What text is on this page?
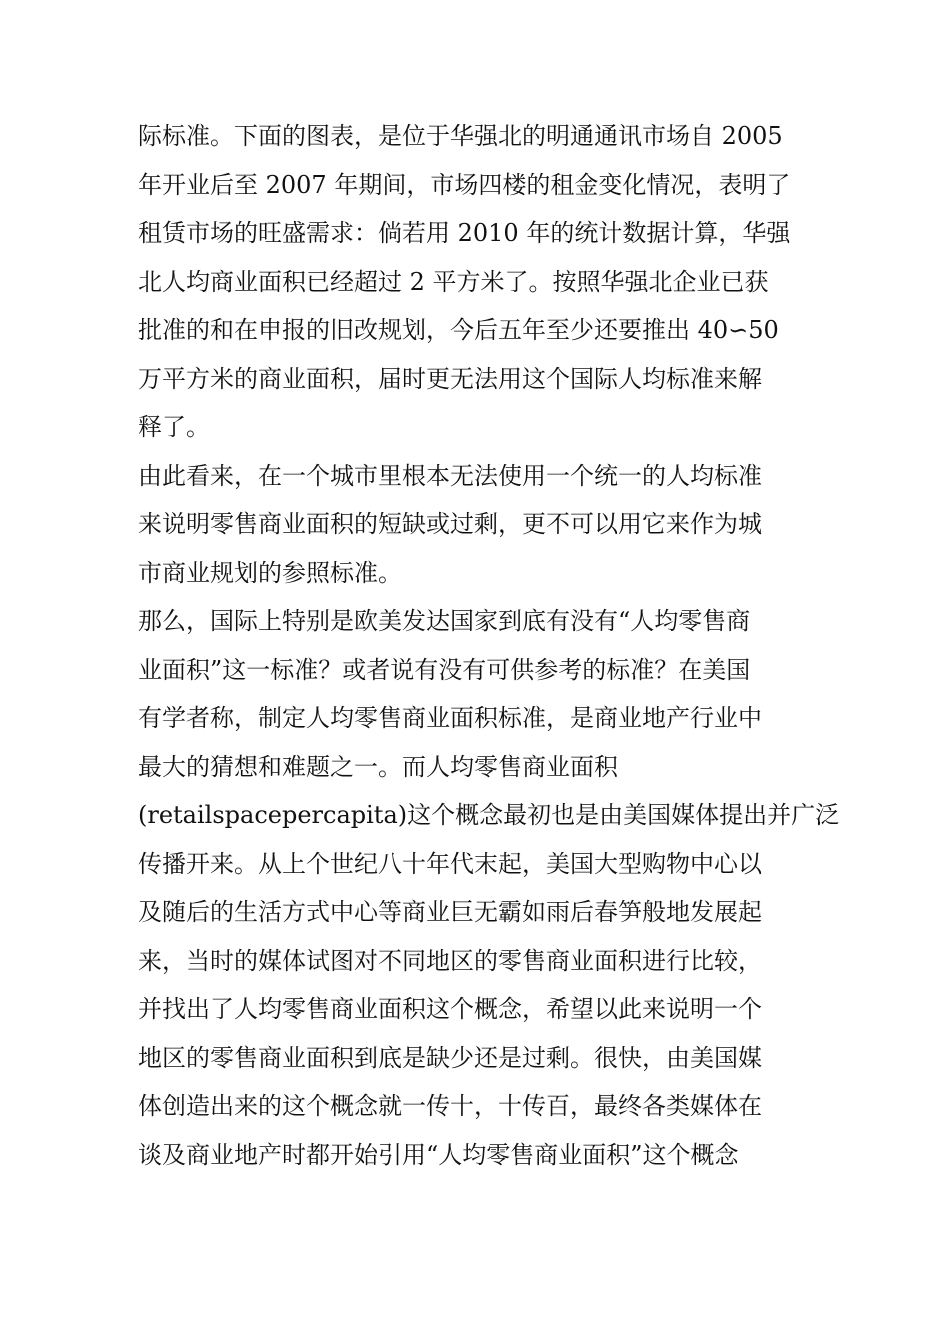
际标准。下面的图表，是位于华强北的明通通讯市场自 2005
年开业后至 2007 年期间，市场四楼的租金变化情况，表明了
租赁市场的旺盛需求：倘若用 2010 年的统计数据计算，华强
北人均商业面积已经超过 2 平方米了。按照华强北企业已获
批准的和在申报的旧改规划，今后五年至少还要推出 40∽50
万平方米的商业面积，届时更无法用这个国际人均标准来解
释了。
由此看来，在一个城市里根本无法使用一个统一的人均标准
来说明零售商业面积的短缺或过剩，更不可以用它来作为城
市商业规划的参照标准。
那么，国际上特别是欧美发达国家到底有没有“人均零售商
业面积”这一标准？或者说有没有可供参考的标准？在美国
有学者称，制定人均零售商业面积标准，是商业地产行业中
最大的猜想和难题之一。而人均零售商业面积
(retailspacepercapita)这个概念最初也是由美国媒体提出并广泛
传播开来。从上个世纪八十年代末起，美国大型购物中心以
及随后的生活方式中心等商业巨无霸如雨后春笋般地发展起
来，当时的媒体试图对不同地区的零售商业面积进行比较，
并找出了人均零售商业面积这个概念，希望以此来说明一个
地区的零售商业面积到底是缺少还是过剩。很快，由美国媒
体创造出来的这个概念就一传十，十传百，最终各类媒体在
谈及商业地产时都开始引用“人均零售商业面积”这个概念
